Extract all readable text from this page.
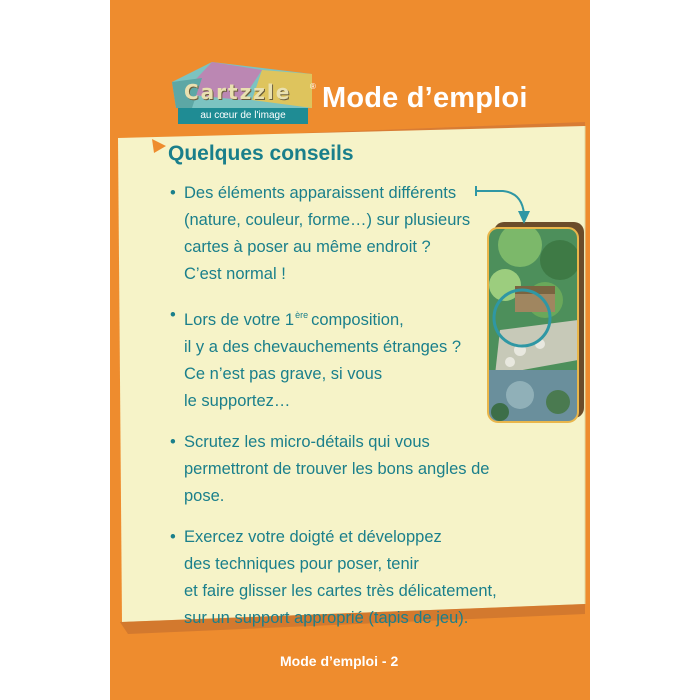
Cartzzle ®
au cœur de l'image
Mode d’emploi
Quelques conseils
• Des éléments apparaissent différents
(nature, couleur, forme…) sur plusieurs
cartes à poser au même endroit ?
C’est normal !
• Lors de votre 1ère composition,
il y a des chevauchements étranges ?
Ce n’est pas grave, si vous
le supportez…
• Scrutez les micro-détails qui vous
permettront de trouver les bons angles de
pose.
• Exercez votre doigté et développez
des techniques pour poser, tenir
et faire glisser les cartes très délicatement,
sur un support approprié (tapis de jeu).
Mode d’emploi - 2
